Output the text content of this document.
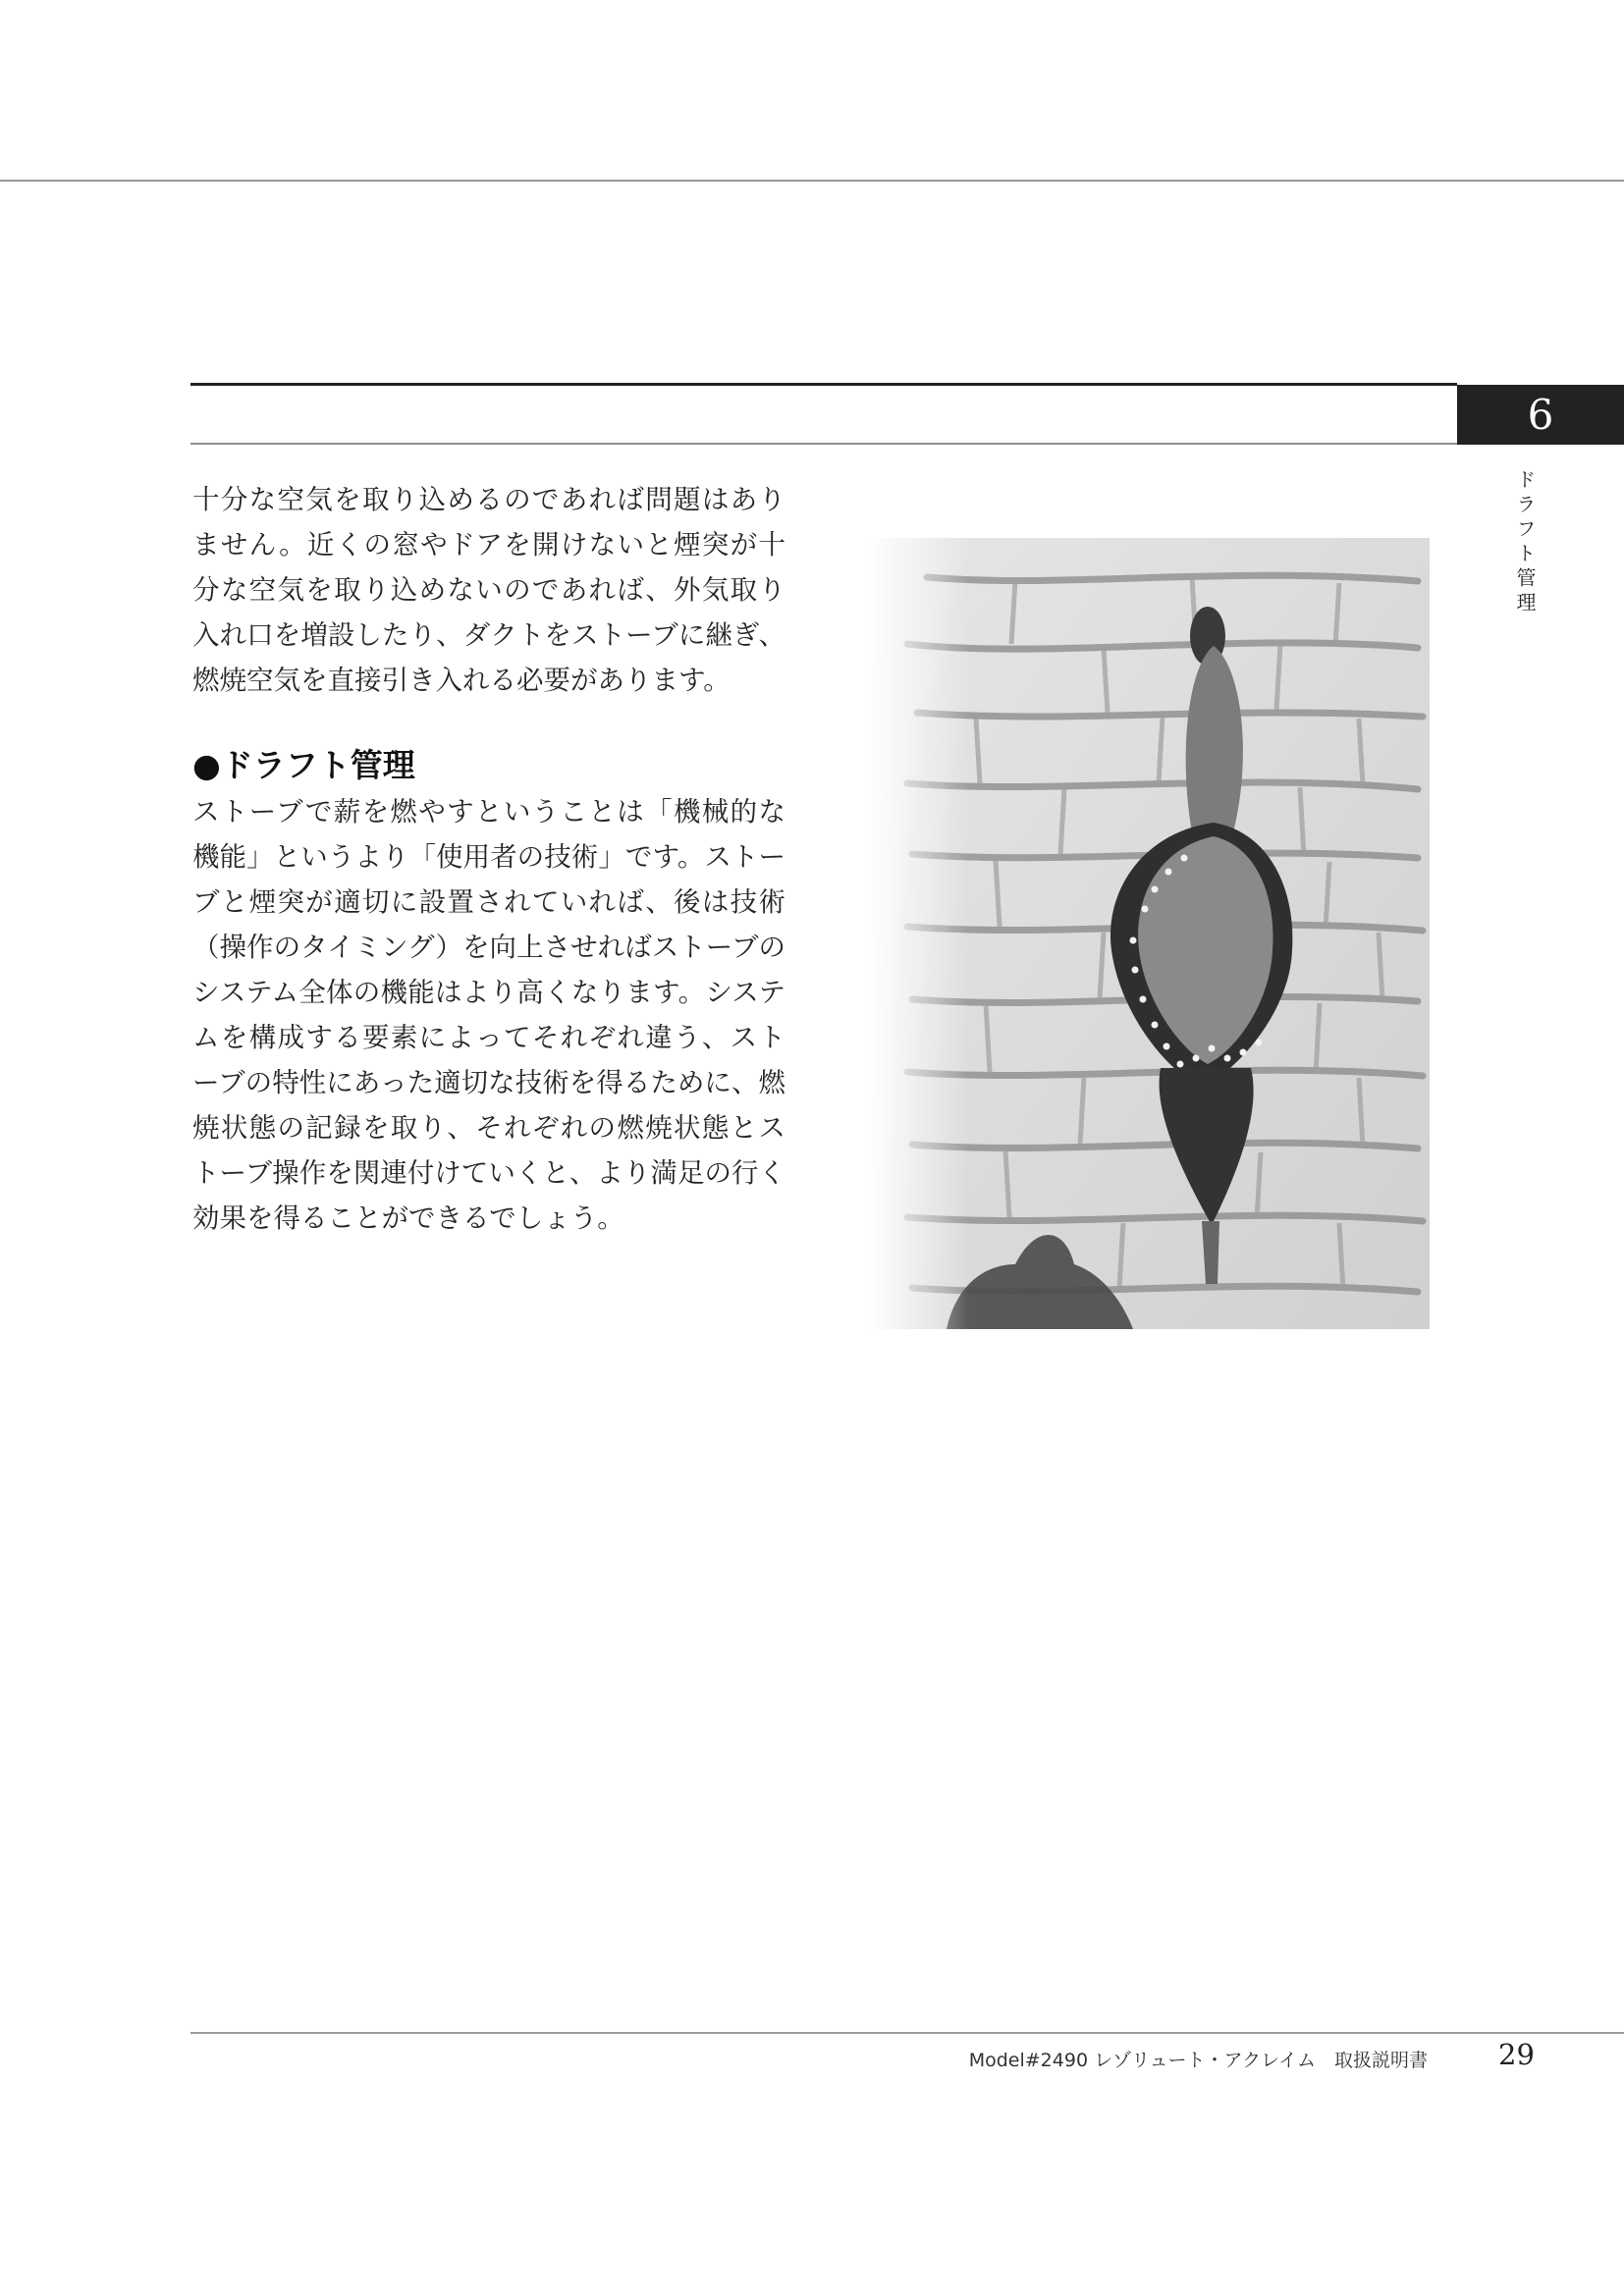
6
ドラフト管理

十分な空気を取り込めるのであれば問題はありません。近くの窓やドアを開けないと煙突が十分な空気を取り込めないのであれば、外気取り入れ口を増設したり、ダクトをストーブに継ぎ、燃焼空気を直接引き入れる必要があります。

●ドラフト管理

ストーブで薪を燃やすということは「機械的な機能」というより「使用者の技術」です。ストーブと煙突が適切に設置されていれば、後は技術（操作のタイミング）を向上させればストーブのシステム全体の機能はより高くなります。システムを構成する要素によってそれぞれ違う、ストーブの特性にあった適切な技術を得るために、燃焼状態の記録を取り、それぞれの燃焼状態とストーブ操作を関連付けていくと、より満足の行く効果を得ることができるでしょう。

Model#2490 レゾリュート・アクレイム　取扱説明書 29
